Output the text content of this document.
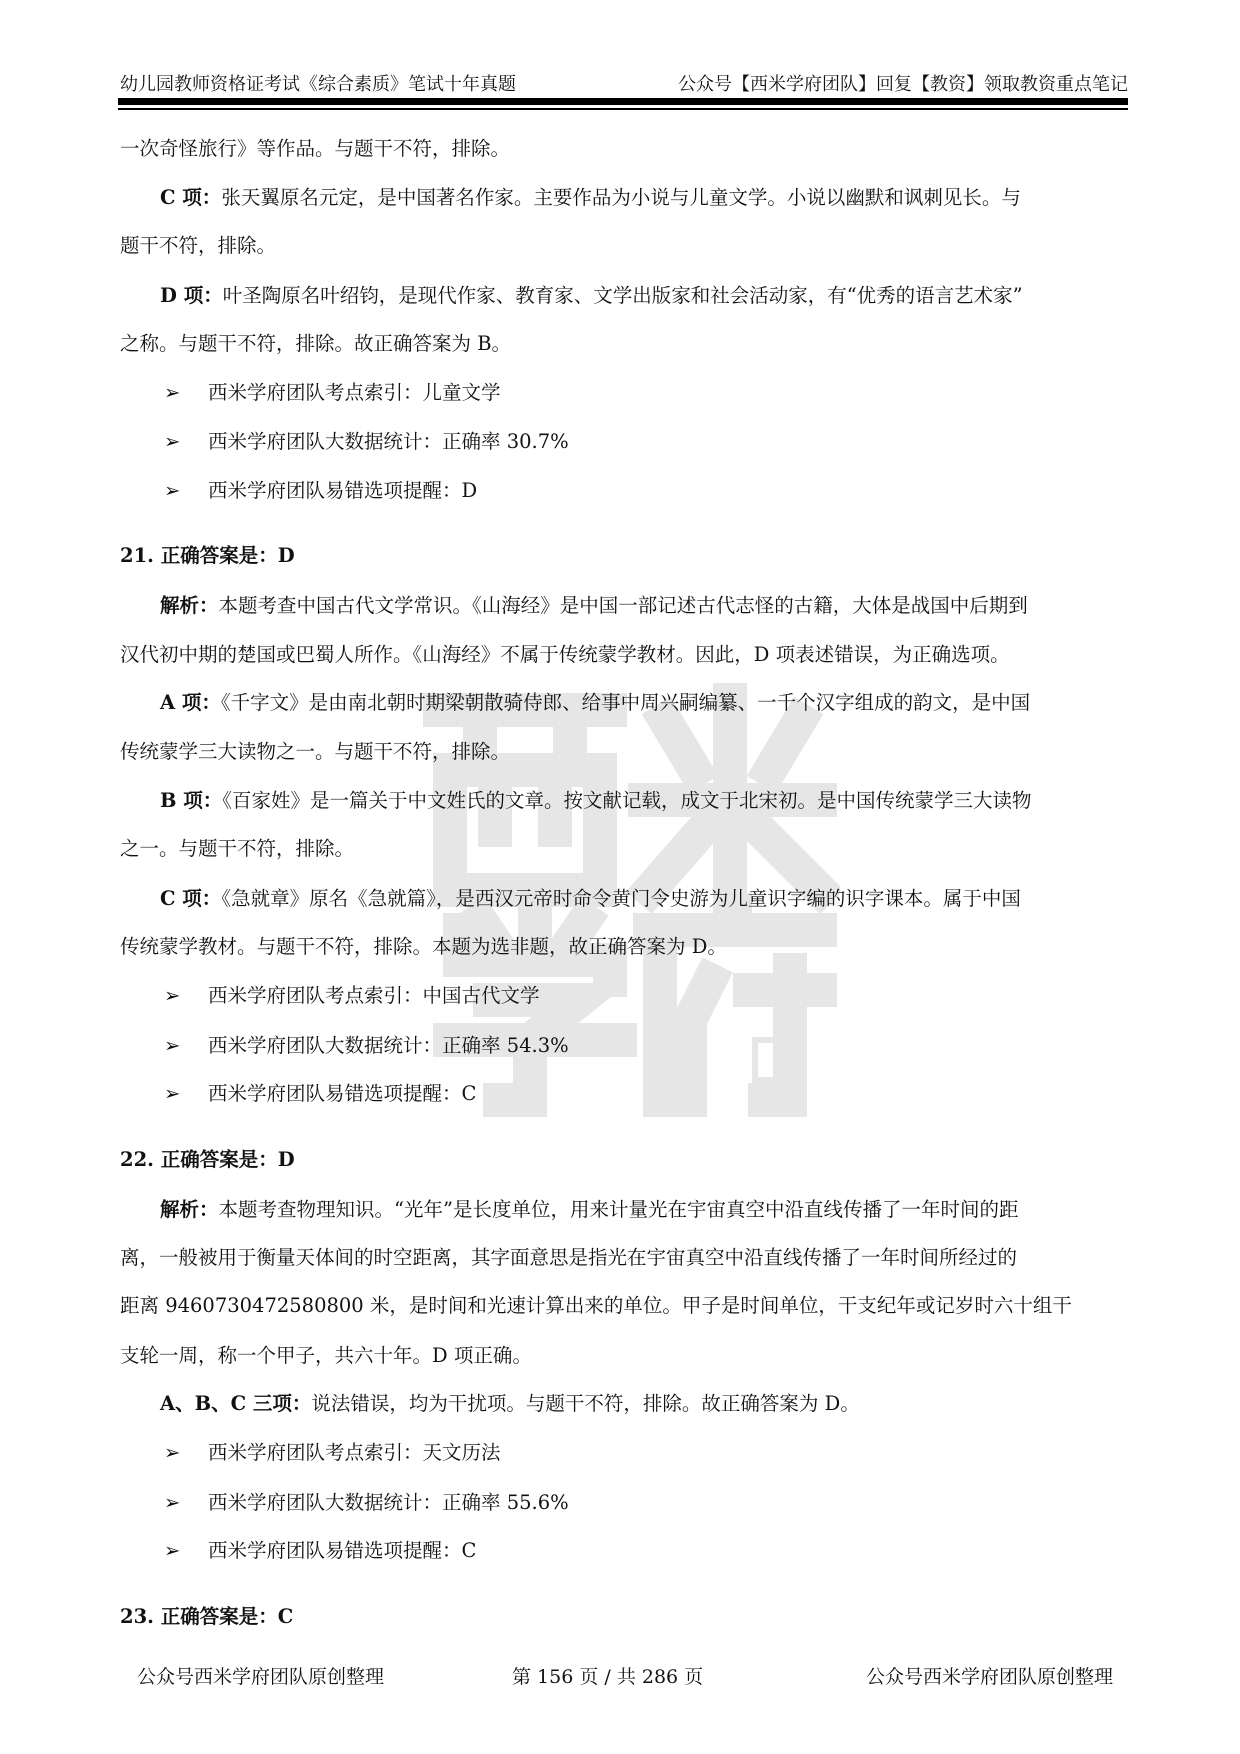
幼儿园教师资格证考试《综合素质》笔试十年真题	公众号【西米学府团队】回复【教资】领取教资重点笔记
一次奇怪旅行》等作品。与题干不符，排除。
C 项：张天翼原名元定，是中国著名作家。主要作品为小说与儿童文学。小说以幽默和讽刺见长。与
题干不符，排除。
D 项：叶圣陶原名叶绍钧，是现代作家、教育家、文学出版家和社会活动家，有“优秀的语言艺术家”
之称。与题干不符，排除。故正确答案为 B。
➢ 西米学府团队考点索引：儿童文学
➢ 西米学府团队大数据统计：正确率 30.7%
➢ 西米学府团队易错选项提醒：D
21. 正确答案是：D
解析：本题考查中国古代文学常识。《山海经》是中国一部记述古代志怪的古籍，大体是战国中后期到
汉代初中期的楚国或巴蜀人所作。《山海经》不属于传统蒙学教材。因此，D 项表述错误，为正确选项。
A 项：《千字文》是由南北朝时期梁朝散骑侍郎、给事中周兴嗣编纂、一千个汉字组成的韵文，是中国
传统蒙学三大读物之一。与题干不符，排除。
B 项：《百家姓》是一篇关于中文姓氏的文章。按文献记载，成文于北宋初。是中国传统蒙学三大读物
之一。与题干不符，排除。
C 项：《急就章》原名《急就篇》，是西汉元帝时命令黄门令史游为儿童识字编的识字课本。属于中国
传统蒙学教材。与题干不符，排除。本题为选非题，故正确答案为 D。
➢ 西米学府团队考点索引：中国古代文学
➢ 西米学府团队大数据统计：正确率 54.3%
➢ 西米学府团队易错选项提醒：C
22. 正确答案是：D
解析：本题考查物理知识。“光年”是长度单位，用来计量光在宇宙真空中沿直线传播了一年时间的距
离，一般被用于衡量天体间的时空距离，其字面意思是指光在宇宙真空中沿直线传播了一年时间所经过的
距离 9460730472580800 米，是时间和光速计算出来的单位。甲子是时间单位，干支纪年或记岁时六十组干
支轮一周，称一个甲子，共六十年。D 项正确。
A、B、C 三项：说法错误，均为干扰项。与题干不符，排除。故正确答案为 D。
➢ 西米学府团队考点索引：天文历法
➢ 西米学府团队大数据统计：正确率 55.6%
➢ 西米学府团队易错选项提醒：C
23. 正确答案是：C
公众号西米学府团队原创整理	第 156 页 / 共 286 页	公众号西米学府团队原创整理
